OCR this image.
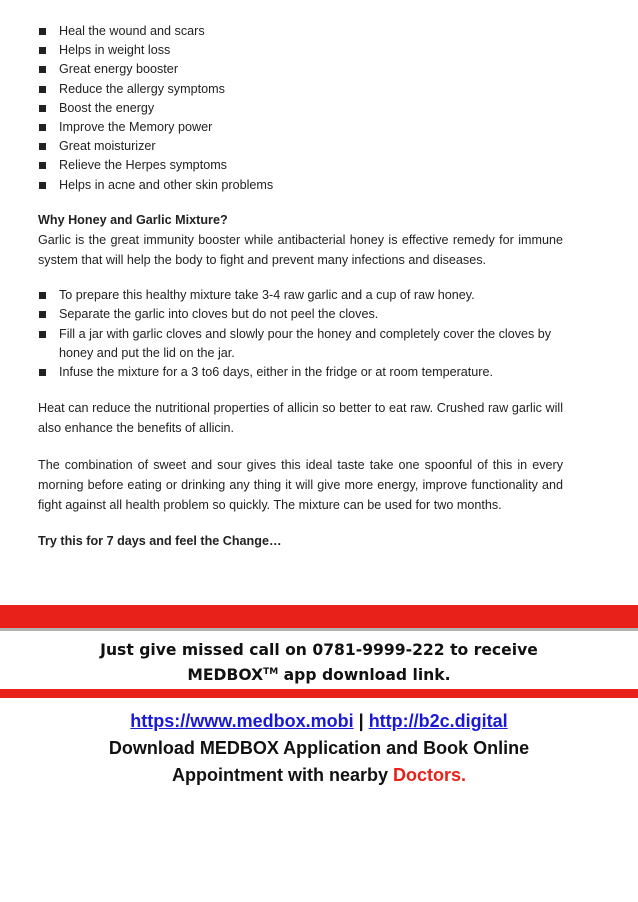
Heal the wound and scars
Helps in weight loss
Great energy booster
Reduce the allergy symptoms
Boost the energy
Improve the Memory power
Great moisturizer
Relieve the Herpes symptoms
Helps in acne and other skin problems
Why Honey and Garlic Mixture?

Garlic is the great immunity booster while antibacterial honey is effective remedy for immune system that will help the body to fight and prevent many infections and diseases.

To prepare this healthy mixture take 3-4 raw garlic and a cup of raw honey.
Separate the garlic into cloves but do not peel the cloves.
Fill a jar with garlic cloves and slowly pour the honey and completely cover the cloves by honey and put the lid on the jar.
Infuse the mixture for a 3 to6 days, either in the fridge or at room temperature.

Heat can reduce the nutritional properties of allicin so better to eat raw. Crushed raw garlic will also enhance the benefits of allicin.

The combination of sweet and sour gives this ideal taste take one spoonful of this in every morning before eating or drinking any thing it will give more energy, improve functionality and fight against all health problem so quickly. The mixture can be used for two months.

Try this for 7 days and feel the Change…
Just give missed call on 0781-9999-222 to receive
MEDBOX™ app download link.
https://www.medbox.mobi | http://b2c.digital
Download MEDBOX Application and Book Online
Appointment with nearby Doctors.
